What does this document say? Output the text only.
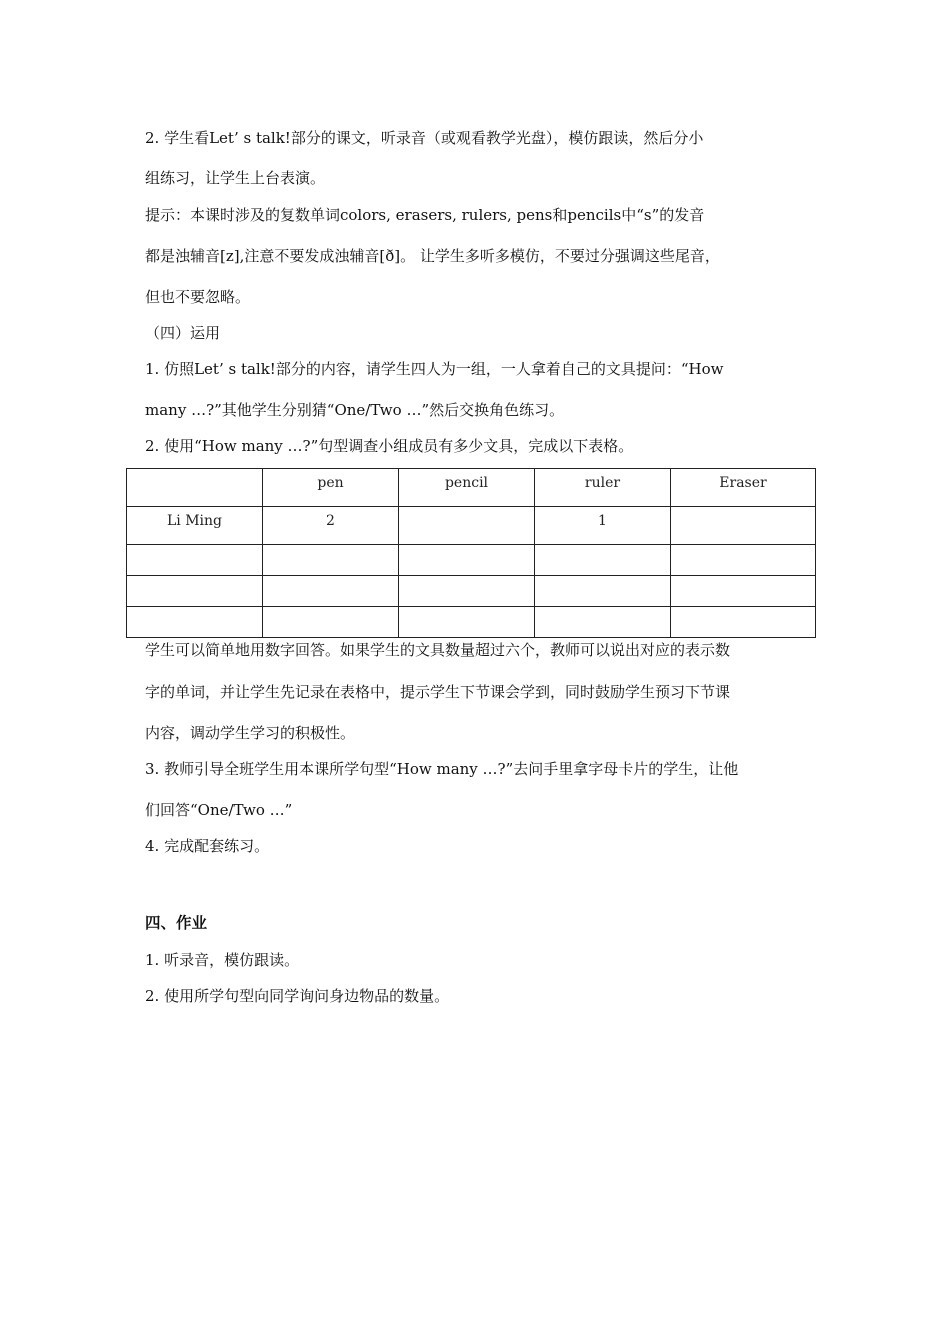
2. 学生看Let’ s talk!部分的课文，听录音（或观看教学光盘），模仿跟读，然后分小
组练习，让学生上台表演。
提示：本课时涉及的复数单词colors, erasers, rulers, pens和pencils中“s”的发音
都是浊辅音[z],注意不要发成浊辅音[ð]。 让学生多听多模仿，不要过分强调这些尾音，
但也不要忽略。
（四）运用
1. 仿照Let’ s talk!部分的内容，请学生四人为一组，一人拿着自己的文具提问：“How
many …?”其他学生分别猜“One/Two …”然后交换角色练习。
2. 使用“How many …?”句型调查小组成员有多少文具，完成以下表格。
	pen	pencil	ruler	Eraser
Li Ming	2		1	

学生可以简单地用数字回答。如果学生的文具数量超过六个，教师可以说出对应的表示数
字的单词，并让学生先记录在表格中，提示学生下节课会学到，同时鼓励学生预习下节课
内容，调动学生学习的积极性。
3. 教师引导全班学生用本课所学句型“How many …?”去问手里拿字母卡片的学生，让他
们回答“One/Two …”
4. 完成配套练习。
四、作业
1. 听录音，模仿跟读。
2. 使用所学句型向同学询问身边物品的数量。
